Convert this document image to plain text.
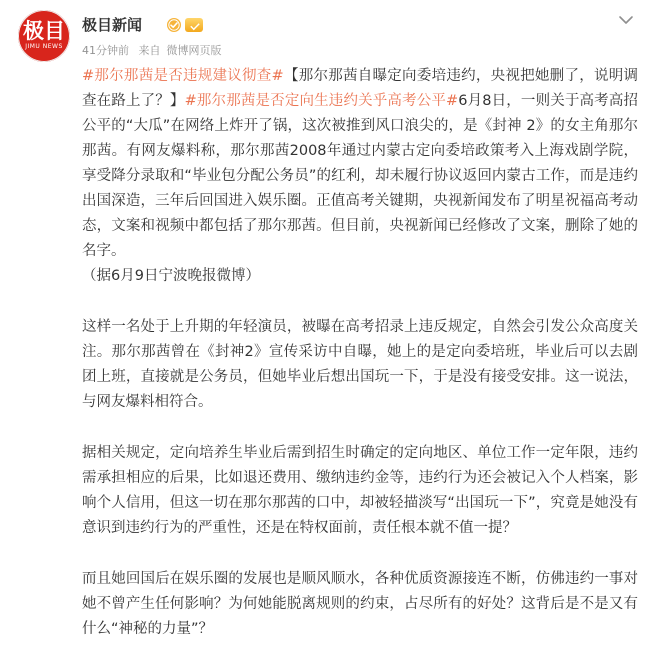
极目
JIMU NEWS
极目新闻
41分钟前 来自 微博网页版

#那尔那茜是否违规建议彻查#【那尔那茜自曝定向委培违约，央视把她删了，说明调查在路上了？】#那尔那茜是否定向生违约关乎高考公平#6月8日，一则关于高考高招公平的“大瓜”在网络上炸开了锅，这次被推到风口浪尖的，是《封神 2》的女主角那尔那茜。有网友爆料称，那尔那茜2008年通过内蒙古定向委培政策考入上海戏剧学院，享受降分录取和“毕业包分配公务员”的红利，却未履行协议返回内蒙古工作，而是违约出国深造，三年后回国进入娱乐圈。正值高考关键期，央视新闻发布了明星祝福高考动态，文案和视频中都包括了那尔那茜。但目前，央视新闻已经修改了文案，删除了她的名字。
（据6月9日宁波晚报微博）

这样一名处于上升期的年轻演员，被曝在高考招录上违反规定，自然会引发公众高度关注。那尔那茜曾在《封神2》宣传采访中自曝，她上的是定向委培班，毕业后可以去剧团上班，直接就是公务员，但她毕业后想出国玩一下，于是没有接受安排。这一说法，与网友爆料相符合。

据相关规定，定向培养生毕业后需到招生时确定的定向地区、单位工作一定年限，违约需承担相应的后果，比如退还费用、缴纳违约金等，违约行为还会被记入个人档案，影响个人信用，但这一切在那尔那茜的口中，却被轻描淡写“出国玩一下”，究竟是她没有意识到违约行为的严重性，还是在特权面前，责任根本就不值一提？

而且她回国后在娱乐圈的发展也是顺风顺水，各种优质资源接连不断，仿佛违约一事对她不曾产生任何影响？为何她能脱离规则的约束，占尽所有的好处？这背后是不是又有什么“神秘的力量”？
